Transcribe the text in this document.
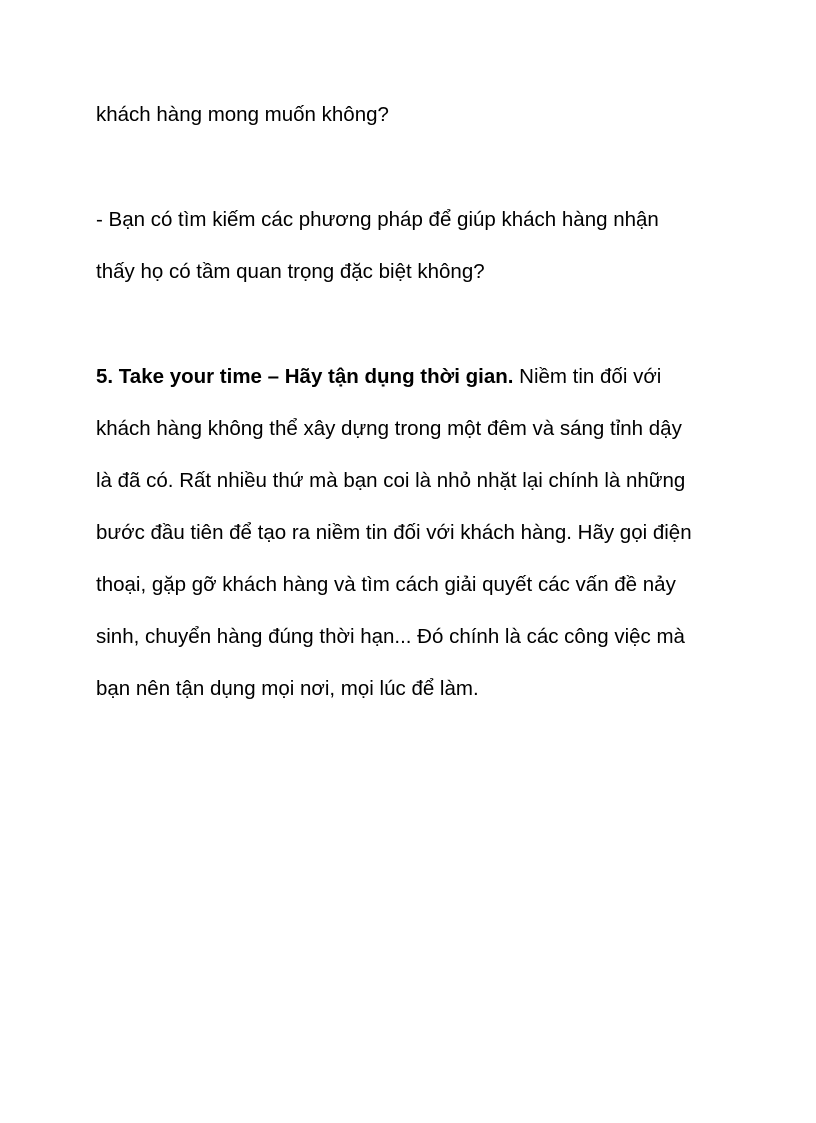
khách hàng mong muốn không?

- Bạn có tìm kiếm các phương pháp để giúp khách hàng nhận

thấy họ có tầm quan trọng đặc biệt không?

5. Take your time – Hãy tận dụng thời gian. Niềm tin đối với

khách hàng không thể xây dựng trong một đêm và sáng tỉnh dậy

là đã có. Rất nhiều thứ mà bạn coi là nhỏ nhặt lại chính là những

bước đầu tiên để tạo ra niềm tin đối với khách hàng. Hãy gọi điện

thoại, gặp gỡ khách hàng và tìm cách giải quyết các vấn đề nảy

sinh, chuyển hàng đúng thời hạn... Đó chính là các công việc mà

bạn nên tận dụng mọi nơi, mọi lúc để làm.
